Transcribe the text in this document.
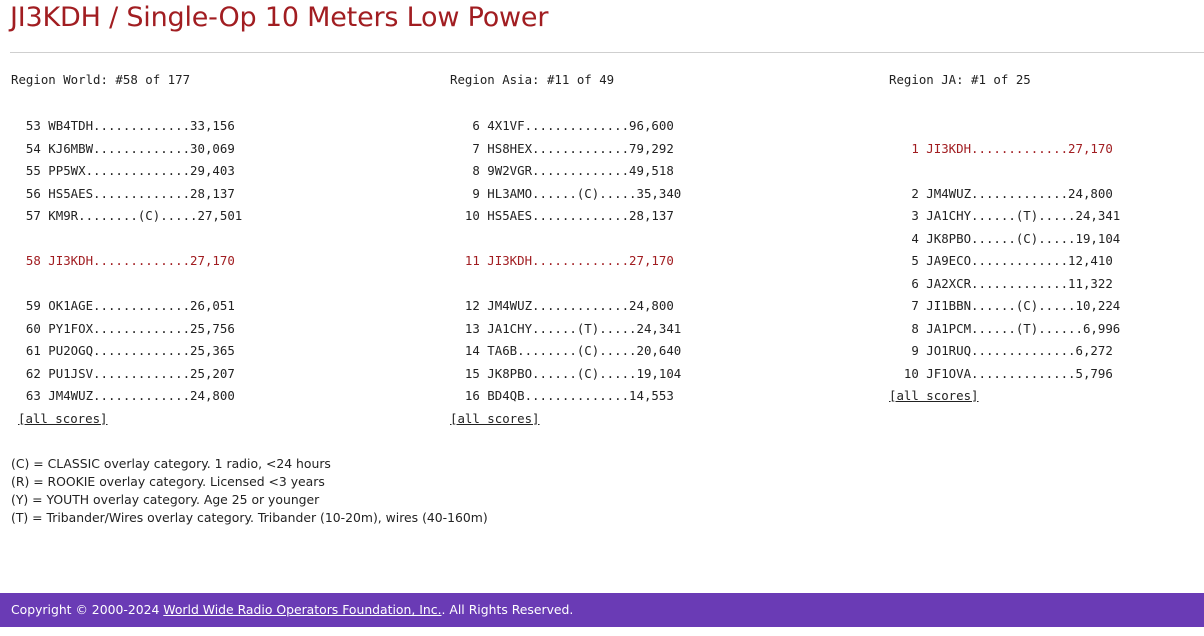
JI3KDH / Single-Op 10 Meters Low Power
Region World: #58 of 177
53 WB4TDH.............33,156
54 KJ6MBW.............30,069
55 PP5WX..............29,403
56 HS5AES.............28,137
57 KM9R........(C).....27,501
58 JI3KDH.............27,170
59 OK1AGE.............26,051
60 PY1FOX.............25,756
61 PU2OGQ.............25,365
62 PU1JSV.............25,207
63 JM4WUZ.............24,800
[all scores]
Region Asia: #11 of 49
6 4X1VF..............96,600
7 HS8HEX.............79,292
8 9W2VGR.............49,518
9 HL3AMO......(C).....35,340
10 HS5AES.............28,137
11 JI3KDH.............27,170
12 JM4WUZ.............24,800
13 JA1CHY......(T).....24,341
14 TA6B........(C).....20,640
15 JK8PBO......(C).....19,104
16 BD4QB..............14,553
[all scores]
Region JA: #1 of 25
1 JI3KDH.............27,170
2 JM4WUZ.............24,800
3 JA1CHY......(T).....24,341
4 JK8PBO......(C).....19,104
5 JA9ECO.............12,410
6 JA2XCR.............11,322
7 JI1BBN......(C).....10,224
8 JA1PCM......(T)......6,996
9 JO1RUQ..............6,272
10 JF1OVA..............5,796
[all scores]
(C) = CLASSIC overlay category. 1 radio, <24 hours
(R) = ROOKIE overlay category. Licensed <3 years
(Y) = YOUTH overlay category. Age 25 or younger
(T) = Tribander/Wires overlay category. Tribander (10-20m), wires (40-160m)
Copyright © 2000-2024 World Wide Radio Operators Foundation, Inc.. All Rights Reserved.
